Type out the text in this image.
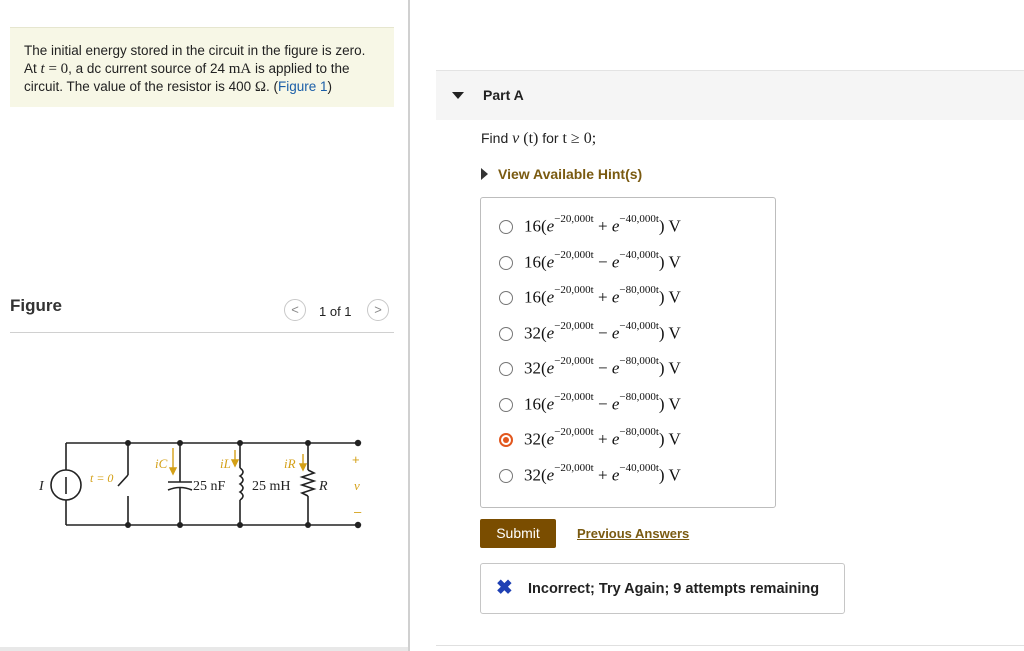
The initial energy stored in the circuit in the figure is zero.
At t = 0, a dc current source of 24 mA is applied to the
circuit. The value of the resistor is 400 Ω. (Figure 1)
Figure	<	1 of 1	>
I
t = 0
iC	iL	iR
25 nF 25 mH R
+
v
–
Part A
Find v (t) for t ≥ 0;
View Available Hint(s)
$16(e^{-20,000t} + e^{-40,000t})$ V
$16(e^{-20,000t} - e^{-40,000t})$ V
$16(e^{-20,000t} + e^{-80,000t})$ V
$32(e^{-20,000t} - e^{-40,000t})$ V
$32(e^{-20,000t} - e^{-80,000t})$ V
$16(e^{-20,000t} - e^{-80,000t})$ V
$32(e^{-20,000t} + e^{-80,000t})$ V
$32(e^{-20,000t} + e^{-40,000t})$ V
Submit	Previous Answers
✖ Incorrect; Try Again; 9 attempts remaining
